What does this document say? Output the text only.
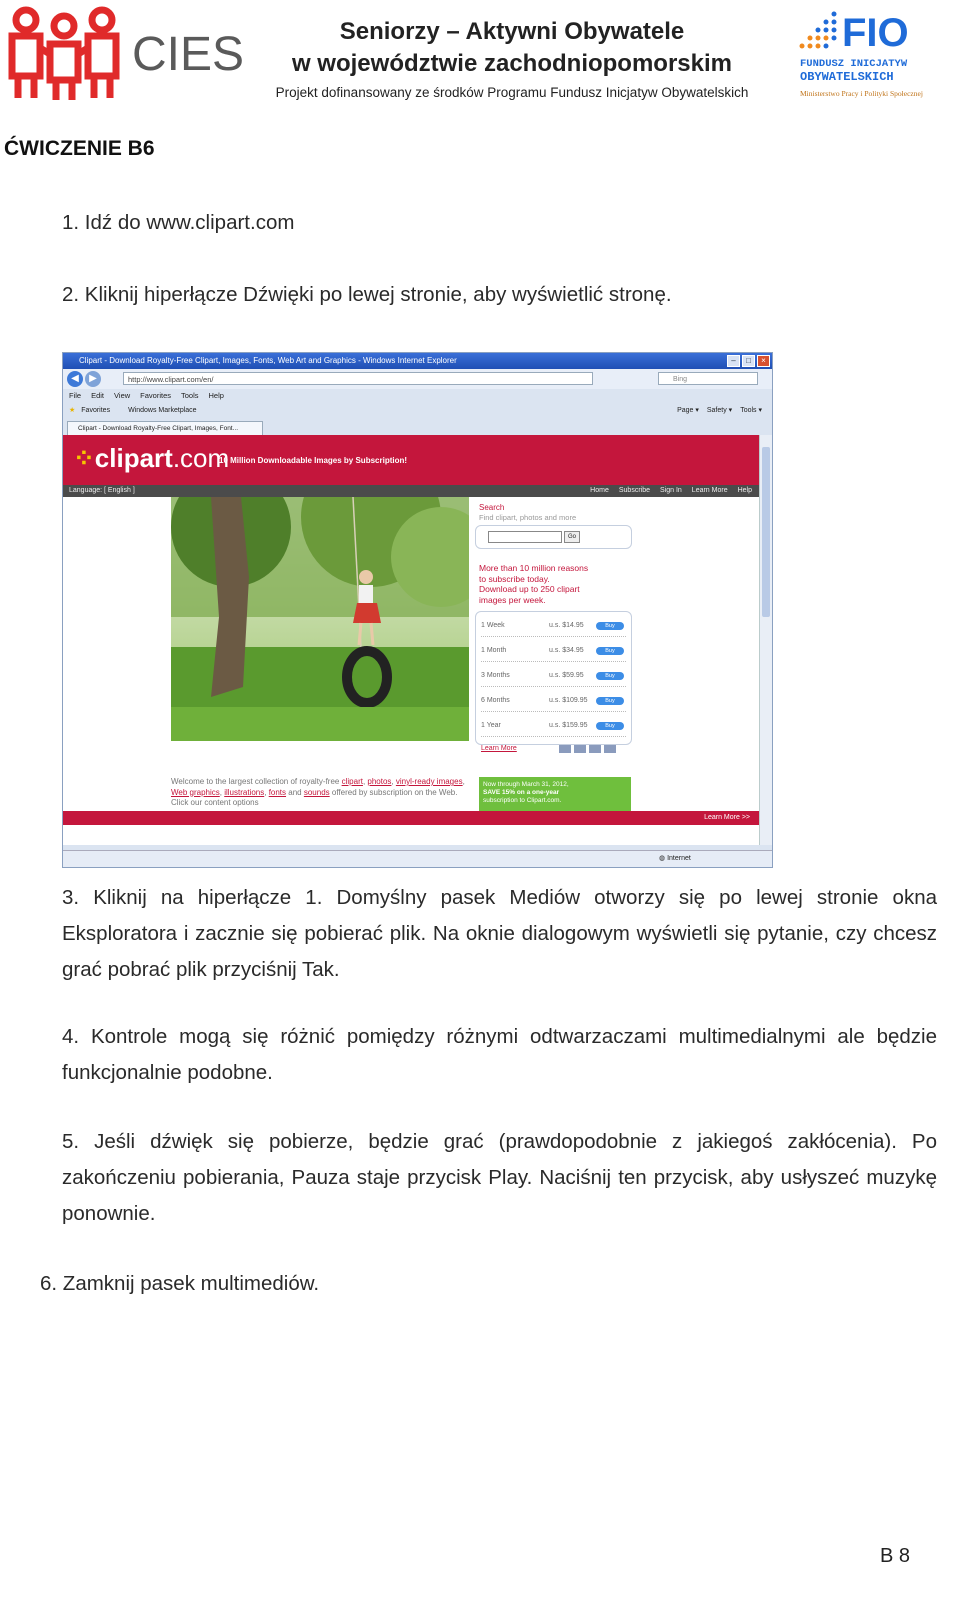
CIES	Seniorzy – Aktywni Obywatele
w województwie zachodniopomorskim
Projekt dofinansowany ze środków Programu Fundusz Inicjatyw Obywatelskich
FIO
FUNDUSZ INICJATYW
OBYWATELSKICH
Ministerstwo Pracy i Polityki Społecznej
ĆWICZENIE B6
1. Idź do www.clipart.com
2. Kliknij hiperłącze Dźwięki po lewej stronie, aby wyświetlić stronę.
Clipart - Download Royalty-Free Clipart, Images, Fonts, Web Art and Graphics - Windows Internet Explorer	–	□	×
◀	▶	http://www.clipart.com/en/	Bing
File Edit View Favorites Tools Help
★ Favorites	Windows Marketplace	Page ▾ Safety ▾ Tools ▾
Clipart - Download Royalty-Free Clipart, Images, Font...
⁘clipart.com
10 Million Downloadable Images by Subscription!
Language: [ English ]	Home Subscribe Sign In Learn More Help
Search
Find clipart, photos and more
Go
More than 10 million reasons
to subscribe today.
Download up to 250 clipart
images per week.
1 Week	u.s. $14.95	Buy
1 Month	u.s. $34.95	Buy
3 Months	u.s. $59.95	Buy
6 Months	u.s. $109.95	Buy
1 Year	u.s. $159.95	Buy
Learn More
Welcome to the largest collection of royalty-free clipart, photos, vinyl-ready images, Web graphics, illustrations, fonts and sounds offered by subscription on the Web. Click our content options
Now through March 31, 2012,
SAVE 15% on a one-year
subscription to Clipart.com.
Learn More >>
◍ Internet
3. Kliknij na hiperłącze 1. Domyślny pasek Mediów otworzy się po lewej stronie okna Eksploratora i zacznie się pobierać plik. Na oknie dialogowym wyświetli się pytanie, czy chcesz grać pobrać plik przyciśnij Tak.
4. Kontrole mogą się różnić pomiędzy różnymi odtwarzaczami multimedialnymi ale będzie funkcjonalnie podobne.
5. Jeśli dźwięk się pobierze, będzie grać (prawdopodobnie z jakiegoś zakłócenia). Po zakończeniu pobierania, Pauza staje przycisk Play. Naciśnij ten przycisk, aby usłyszeć muzykę ponownie.
6. Zamknij pasek multimediów.
B 8
